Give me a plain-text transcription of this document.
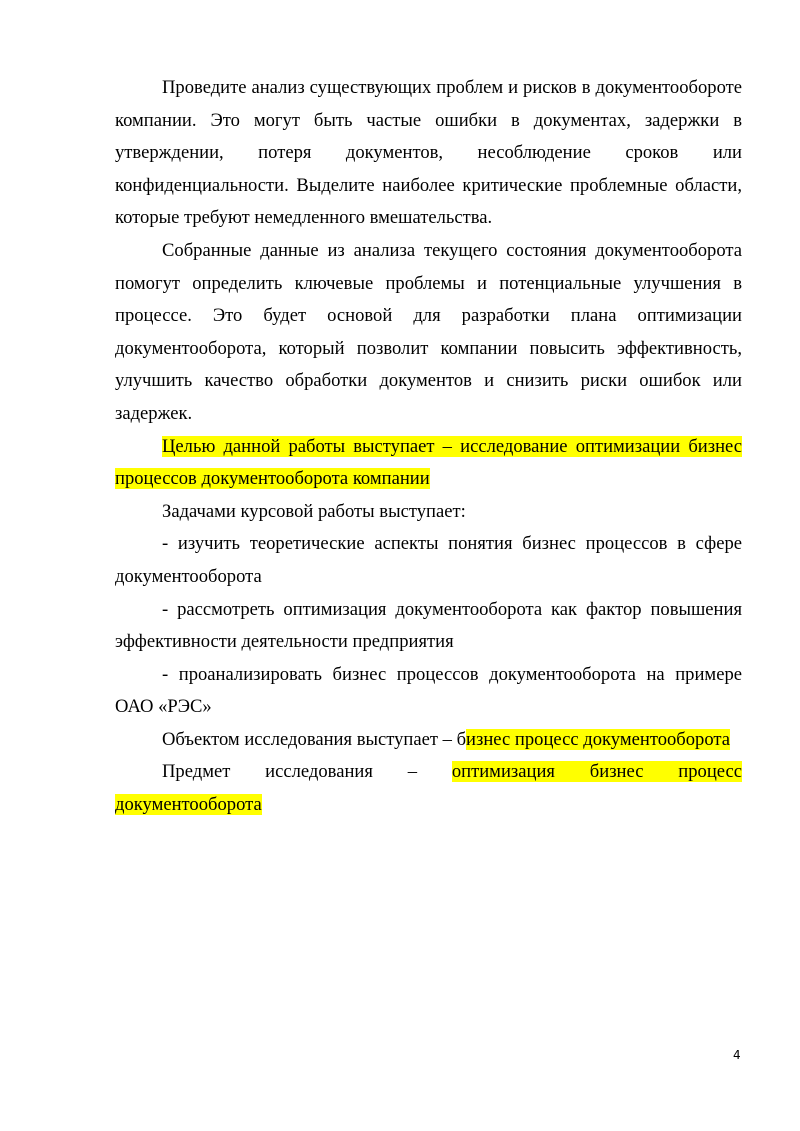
Проведите анализ существующих проблем и рисков в документообороте компании. Это могут быть частые ошибки в документах, задержки в утверждении, потеря документов, несоблюдение сроков или конфиденциальности. Выделите наиболее критические проблемные области, которые требуют немедленного вмешательства.

Собранные данные из анализа текущего состояния документооборота помогут определить ключевые проблемы и потенциальные улучшения в процессе. Это будет основой для разработки плана оптимизации документооборота, который позволит компании повысить эффективность, улучшить качество обработки документов и снизить риски ошибок или задержек.

Целью данной работы выступает – исследование оптимизации бизнес процессов документооборота компании

Задачами курсовой работы выступает:

- изучить теоретические аспекты понятия бизнес процессов в сфере документооборота

- рассмотреть оптимизация документооборота как фактор повышения эффективности деятельности предприятия

- проанализировать бизнес процессов документооборота на примере ОАО «РЭС»

Объектом исследования выступает – бизнес процесс документооборота

Предмет исследования – оптимизация бизнес процесс документооборота

4
